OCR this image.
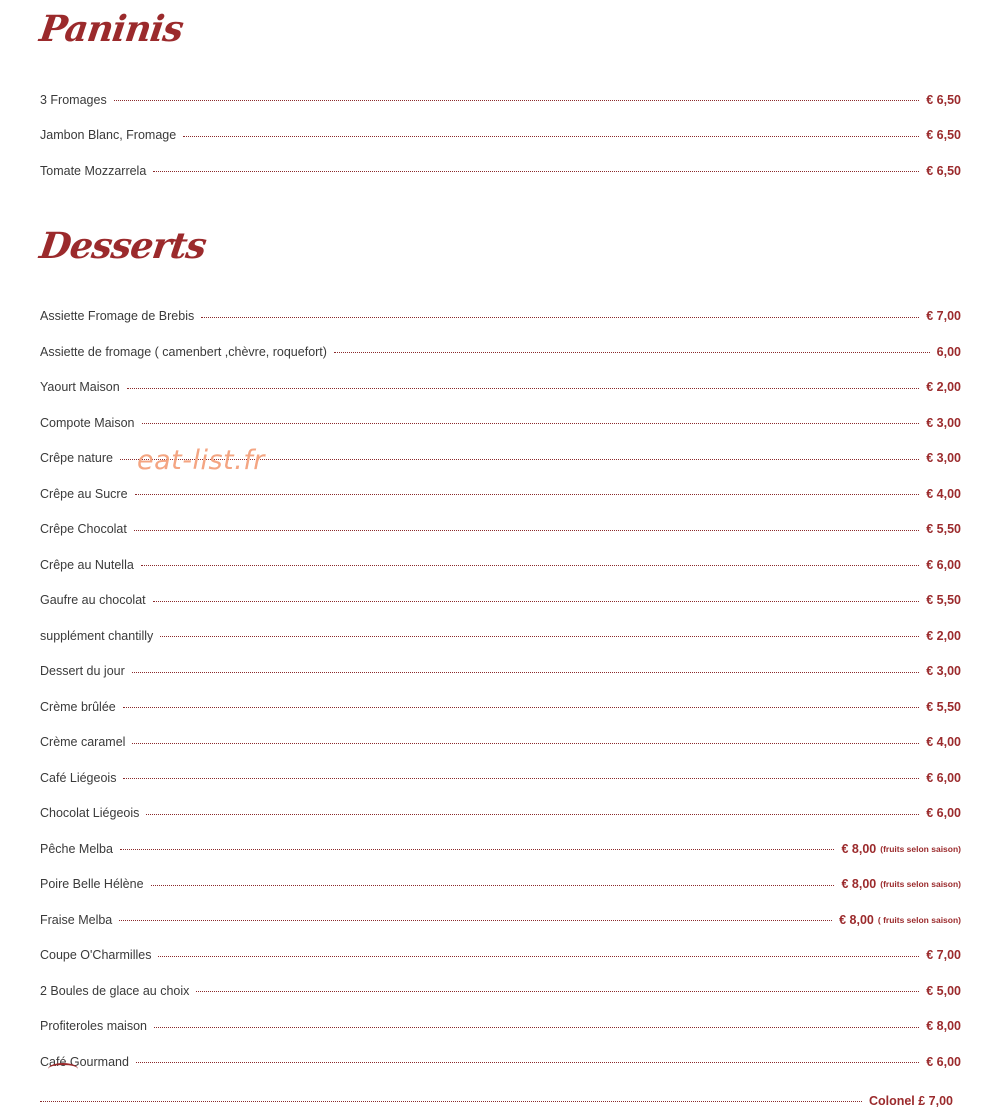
Paninis
3 Fromages	€ 6,50
Jambon Blanc, Fromage	€ 6,50
Tomate Mozzarrela	€ 6,50
Desserts
Assiette Fromage de Brebis	€ 7,00
Assiette de fromage ( camenbert ,chèvre, roquefort)	6,00
Yaourt Maison	€ 2,00
Compote Maison	€ 3,00
Crêpe nature	€ 3,00
Crêpe au Sucre	€ 4,00
Crêpe Chocolat	€ 5,50
Crêpe au Nutella	€ 6,00
Gaufre au chocolat	€ 5,50
supplément chantilly	€ 2,00
Dessert du jour	€ 3,00
Crème brûlée	€ 5,50
Crème caramel	€ 4,00
Café Liégeois	€ 6,00
Chocolat Liégeois	€ 6,00
Pêche Melba	€ 8,00 (fruits selon saison)
Poire Belle Hélène	€ 8,00 (fruits selon saison)
Fraise Melba	€ 8,00 ( fruits selon saison)
Coupe O'Charmilles	€ 7,00
2 Boules de glace au choix	€ 5,00
Profiteroles maison	€ 8,00
Café Gourmand	€ 6,00
Colonel £ 7,00
eat-list.fr
